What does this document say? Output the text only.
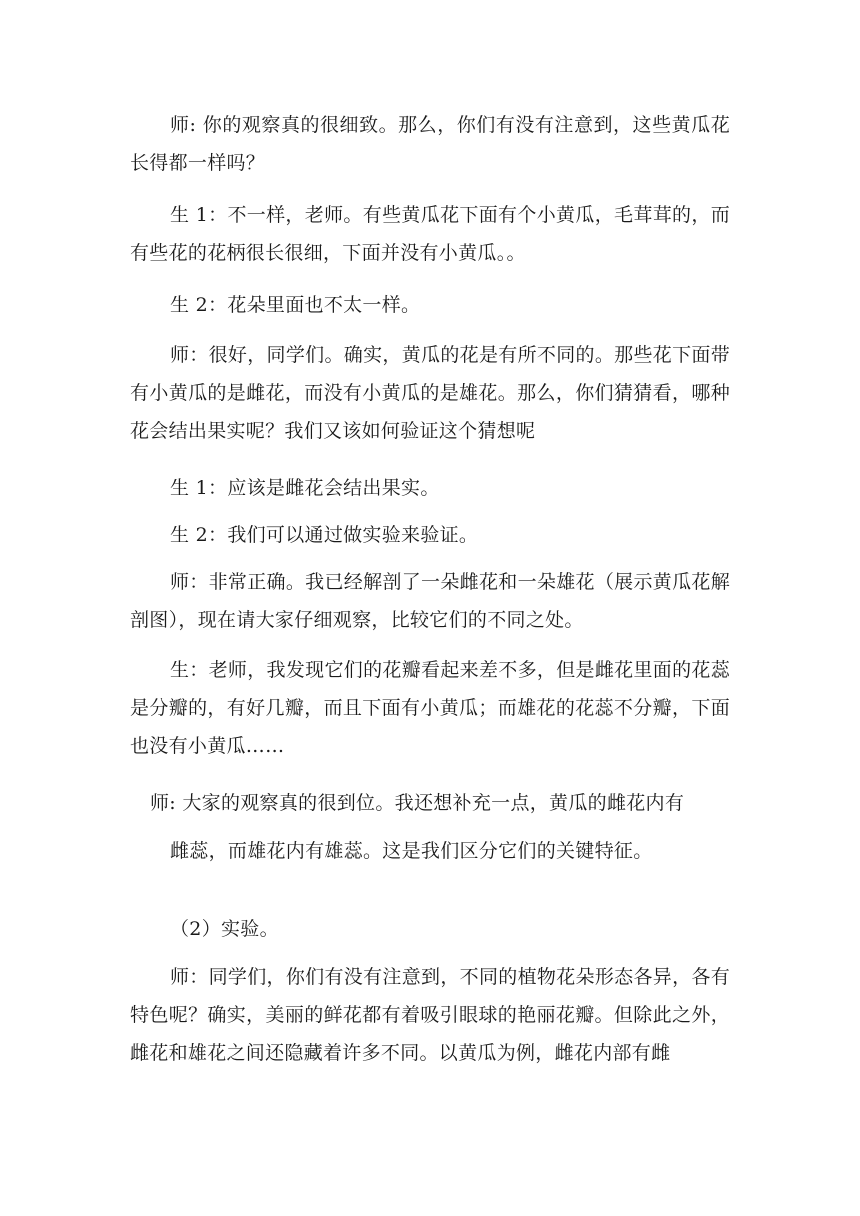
师: 你的观察真的很细致。那么，你们有没有注意到，这些黄瓜花长得都一样吗？

生 1：不一样，老师。有些黄瓜花下面有个小黄瓜，毛茸茸的，而有些花的花柄很长很细，下面并没有小黄瓜。。

生 2：花朵里面也不太一样。

师：很好，同学们。确实，黄瓜的花是有所不同的。那些花下面带有小黄瓜的是雌花，而没有小黄瓜的是雄花。那么，你们猜猜看，哪种花会结出果实呢？我们又该如何验证这个猜想呢

生 1：应该是雌花会结出果实。

生 2：我们可以通过做实验来验证。

师：非常正确。我已经解剖了一朵雌花和一朵雄花（展示黄瓜花解剖图），现在请大家仔细观察，比较它们的不同之处。

生：老师，我发现它们的花瓣看起来差不多，但是雌花里面的花蕊是分瓣的，有好几瓣，而且下面有小黄瓜；而雄花的花蕊不分瓣，下面也没有小黄瓜……

师: 大家的观察真的很到位。我还想补充一点，黄瓜的雌花内有
雌蕊，而雄花内有雄蕊。这是我们区分它们的关键特征。

（2）实验。

师：同学们，你们有没有注意到，不同的植物花朵形态各异，各有特色呢？确实，美丽的鲜花都有着吸引眼球的艳丽花瓣。但除此之外，雌花和雄花之间还隐藏着许多不同。以黄瓜为例，雌花内部有雌
